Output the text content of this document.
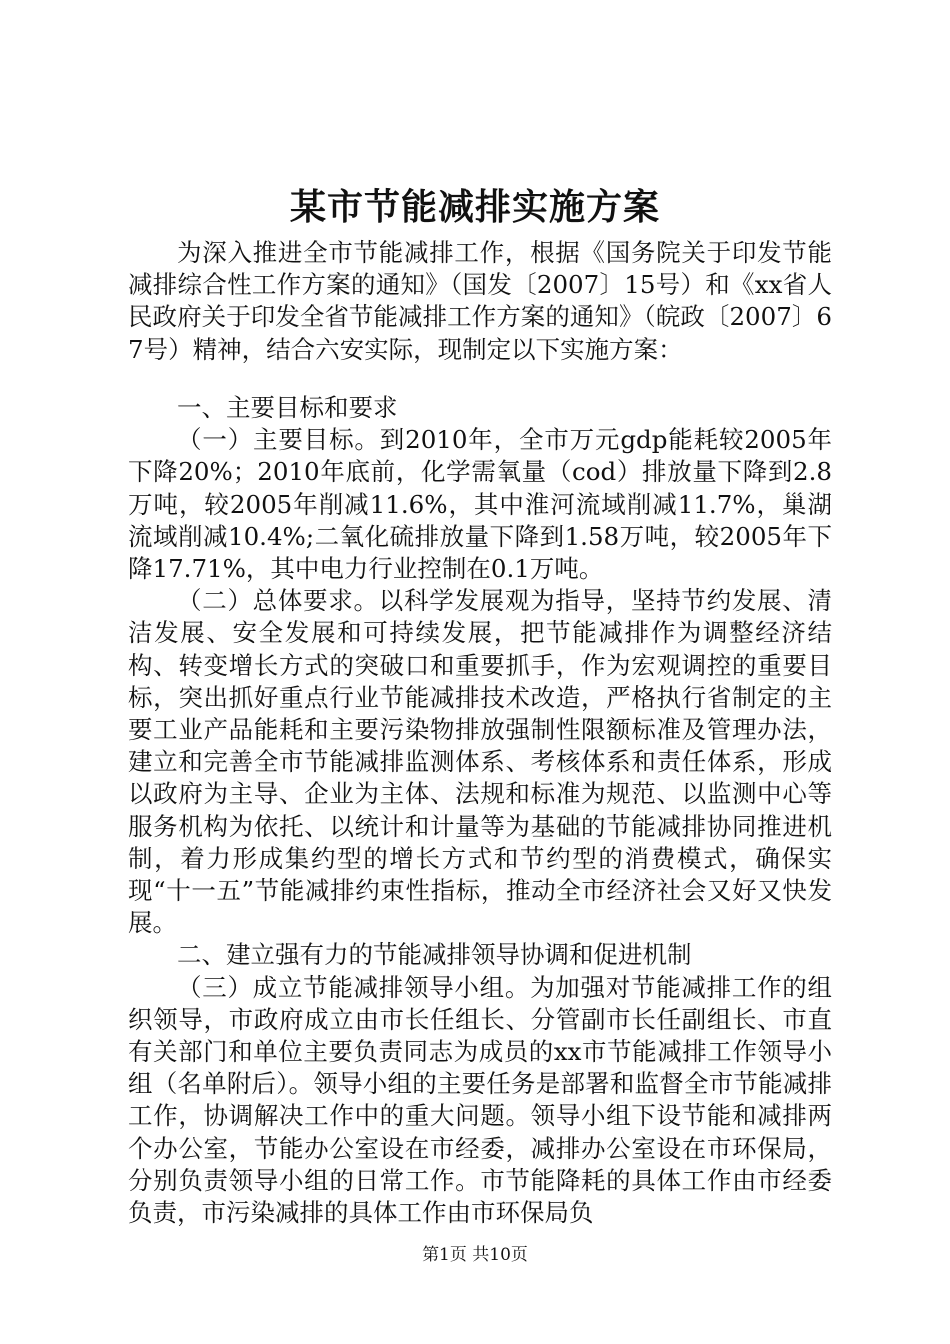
某市节能减排实施方案

为深入推进全市节能减排工作，根据《国务院关于印发节能减排综合性工作方案的通知》（国发〔2007〕15号）和《xx省人民政府关于印发全省节能减排工作方案的通知》（皖政〔2007〕67号）精神，结合六安实际，现制定以下实施方案：

一、主要目标和要求

（一）主要目标。到2010年，全市万元gdp能耗较2005年下降20%；2010年底前，化学需氧量（cod）排放量下降到2.8万吨，较2005年削减11.6%，其中淮河流域削减11.7%，巢湖流域削减10.4%;二氧化硫排放量下降到1.58万吨，较2005年下降17.71%，其中电力行业控制在0.1万吨。

（二）总体要求。以科学发展观为指导，坚持节约发展、清洁发展、安全发展和可持续发展，把节能减排作为调整经济结构、转变增长方式的突破口和重要抓手，作为宏观调控的重要目标，突出抓好重点行业节能减排技术改造，严格执行省制定的主要工业产品能耗和主要污染物排放强制性限额标准及管理办法，建立和完善全市节能减排监测体系、考核体系和责任体系，形成以政府为主导、企业为主体、法规和标准为规范、以监测中心等服务机构为依托、以统计和计量等为基础的节能减排协同推进机制，着力形成集约型的增长方式和节约型的消费模式，确保实现“十一五”节能减排约束性指标，推动全市经济社会又好又快发展。

二、建立强有力的节能减排领导协调和促进机制

（三）成立节能减排领导小组。为加强对节能减排工作的组织领导，市政府成立由市长任组长、分管副市长任副组长、市直有关部门和单位主要负责同志为成员的xx市节能减排工作领导小组（名单附后）。领导小组的主要任务是部署和监督全市节能减排工作，协调解决工作中的重大问题。领导小组下设节能和减排两个办公室，节能办公室设在市经委，减排办公室设在市环保局，分别负责领导小组的日常工作。市节能降耗的具体工作由市经委负责，市污染减排的具体工作由市环保局负

第1页 共10页
